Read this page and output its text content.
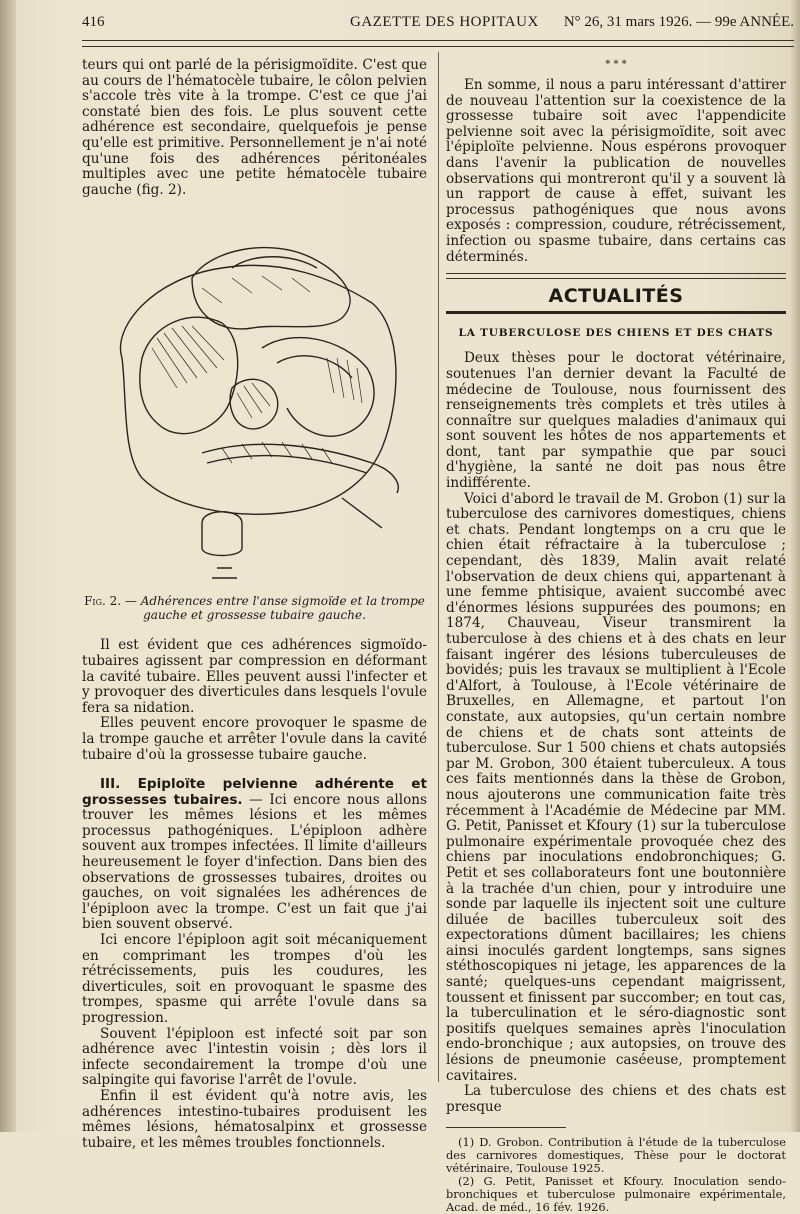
416	GAZETTE DES HOPITAUX N° 26, 31 mars 1926. — 99e ANNÉE.

teurs qui ont parlé de la périsigmoïdite. C'est que au cours de l'hématocèle tubaire, le côlon pelvien s'accole très vite à la trompe. C'est ce que j'ai constaté bien des fois. Le plus souvent cette adhérence est secondaire, quelquefois je pense qu'elle est primitive. Personnellement je n'ai noté qu'une fois des adhérences péritonéales multiples avec une petite hématocèle tubaire gauche (fig. 2).

Fig. 2. — Adhérences entre l'anse sigmoïde et la trompe gauche et grossesse tubaire gauche.

Il est évident que ces adhérences sigmoïdo-tubaires agissent par compression en déformant la cavité tubaire. Elles peuvent aussi l'infecter et y provoquer des diverticules dans lesquels l'ovule fera sa nidation.

Elles peuvent encore provoquer le spasme de la trompe gauche et arrêter l'ovule dans la cavité tubaire d'où la grossesse tubaire gauche.

III. Epiploïte pelvienne adhérente et grossesses tubaires. — Ici encore nous allons trouver les mêmes lésions et les mêmes processus pathogéniques. L'épiploon adhère souvent aux trompes infectées. Il limite d'ailleurs heureusement le foyer d'infection. Dans bien des observations de grossesses tubaires, droites ou gauches, on voit signalées les adhérences de l'épiploon avec la trompe. C'est un fait que j'ai bien souvent observé.

Ici encore l'épiploon agit soit mécaniquement en comprimant les trompes d'où les rétrécissements, puis les coudures, les diverticules, soit en provoquant le spasme des trompes, spasme qui arrête l'ovule dans sa progression.

Souvent l'épiploon est infecté soit par son adhérence avec l'intestin voisin ; dès lors il infecte secondairement la trompe d'où une salpingite qui favorise l'arrêt de l'ovule.

Enfin il est évident qu'à notre avis, les adhérences intestino-tubaires produisent les mêmes lésions, hématosalpinx et grossesse tubaire, et les mêmes troubles fonctionnels.

* * *

En somme, il nous a paru intéressant d'attirer de nouveau l'attention sur la coexistence de la grossesse tubaire soit avec l'appendicite pelvienne soit avec la périsigmoïdite, soit avec l'épiploïte pelvienne. Nous espérons provoquer dans l'avenir la publication de nouvelles observations qui montreront qu'il y a souvent là un rapport de cause à effet, suivant les processus pathogéniques que nous avons exposés : compression, coudure, rétrécissement, infection ou spasme tubaire, dans certains cas déterminés.

ACTUALITÉS
LA TUBERCULOSE DES CHIENS ET DES CHATS

Deux thèses pour le doctorat vétérinaire, soutenues l'an dernier devant la Faculté de médecine de Toulouse, nous fournissent des renseignements très complets et très utiles à connaître sur quelques maladies d'animaux qui sont souvent les hôtes de nos appartements et dont, tant par sympathie que par souci d'hygiène, la santé ne doit pas nous être indifférente.

Voici d'abord le travail de M. Grobon (1) sur la tuberculose des carnivores domestiques, chiens et chats. Pendant longtemps on a cru que le chien était réfractaire à la tuberculose ; cependant, dès 1839, Malin avait relaté l'observation de deux chiens qui, appartenant à une femme phtisique, avaient succombé avec d'énormes lésions suppurées des poumons; en 1874, Chauveau, Viseur transmirent la tuberculose à des chiens et à des chats en leur faisant ingérer des lésions tuberculeuses de bovidés; puis les travaux se multiplient à l'Ecole d'Alfort, à Toulouse, à l'Ecole vétérinaire de Bruxelles, en Allemagne, et partout l'on constate, aux autopsies, qu'un certain nombre de chiens et de chats sont atteints de tuberculose. Sur 1 500 chiens et chats autopsiés par M. Grobon, 300 étaient tuberculeux. A tous ces faits mentionnés dans la thèse de Grobon, nous ajouterons une communication faite très récemment à l'Académie de Médecine par MM. G. Petit, Panisset et Kfoury (1) sur la tuberculose pulmonaire expérimentale provoquée chez des chiens par inoculations endobronchiques; G. Petit et ses collaborateurs font une boutonnière à la trachée d'un chien, pour y introduire une sonde par laquelle ils injectent soit une culture diluée de bacilles tuberculeux soit des expectorations dûment bacillaires; les chiens ainsi inoculés gardent longtemps, sans signes stéthoscopiques ni jetage, les apparences de la santé; quelques-uns cependant maigrissent, toussent et finissent par succomber; en tout cas, la tuberculination et le séro-diagnostic sont positifs quelques semaines après l'inoculation endo-bronchique ; aux autopsies, on trouve des lésions de pneumonie caséeuse, promptement cavitaires.

La tuberculose des chiens et des chats est presque

(1) D. Grobon. Contribution à l'étude de la tuberculose des carnivores domestiques, Thèse pour le doctorat vétérinaire, Toulouse 1925.

(2) G. Petit, Panisset et Kfoury. Inoculation sendo-bronchiques et tuberculose pulmonaire expérimentale, Acad. de méd., 16 fév. 1926.
